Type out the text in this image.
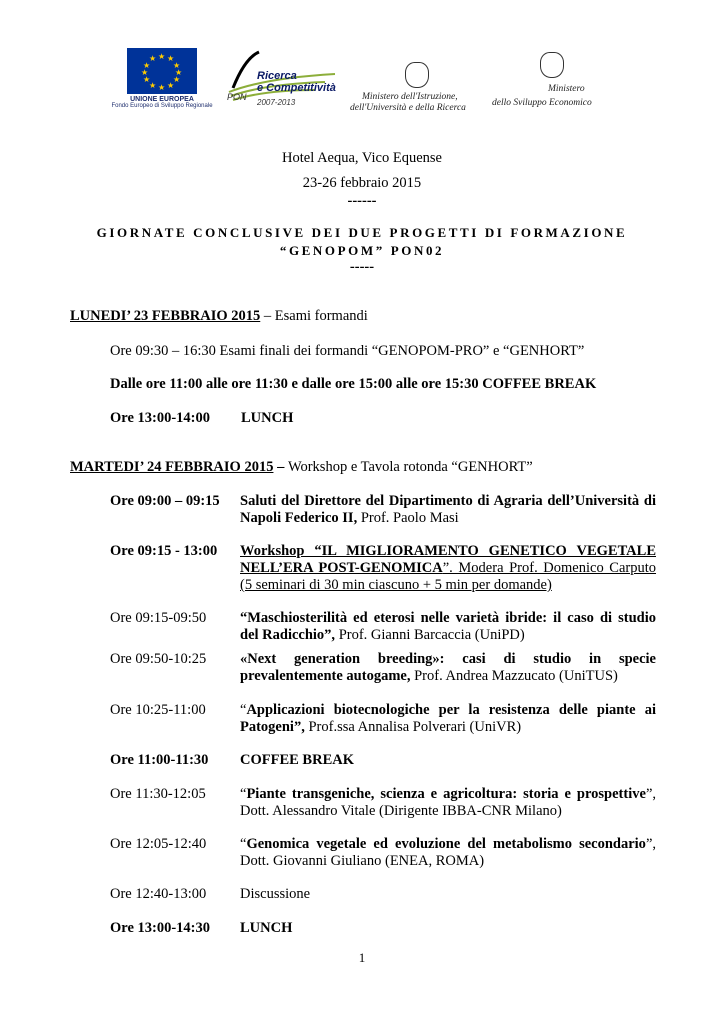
★ ★
★
★
★
★
★
★
★
★
★
★
UNIONE EUROPEA
Fondo Europeo di Sviluppo Regionale
Ricerca
e Competitività
PON
2007-2013
Ministero dell'Istruzione,
dell'Università e della Ricerca
Ministero
dello Sviluppo Economico
Hotel Aequa, Vico Equense
23-26 febbraio 2015
------
GIORNATE CONCLUSIVE DEI DUE PROGETTI DI FORMAZIONE
“GENOPOM” PON02
-----
LUNEDI’ 23 FEBBRAIO 2015 – Esami formandi
Ore 09:30 – 16:30 Esami finali dei formandi “GENOPOM-PRO” e “GENHORT”
Dalle ore 11:00 alle ore 11:30 e dalle ore 15:00 alle ore 15:30 COFFEE BREAK
Ore 13:00-14:00 LUNCH
MARTEDI’ 24 FEBBRAIO 2015 – Workshop e Tavola rotonda “GENHORT”
Ore 09:00 – 09:15 Saluti del Direttore del Dipartimento di Agraria dell’Università di Napoli Federico II, Prof. Paolo Masi
Ore 09:15 - 13:00 Workshop “IL MIGLIORAMENTO GENETICO VEGETALE NELL’ERA POST-GENOMICA”. Modera Prof. Domenico Carputo (5 seminari di 30 min ciascuno + 5 min per domande)
Ore 09:15-09:50 “Maschiosterilità ed eterosi nelle varietà ibride: il caso di studio del Radicchio”, Prof. Gianni Barcaccia (UniPD)
Ore 09:50-10:25 «Next generation breeding»: casi di studio in specie prevalentemente autogame, Prof. Andrea Mazzucato (UniTUS)
Ore 10:25-11:00 “Applicazioni biotecnologiche per la resistenza delle piante ai Patogeni”, Prof.ssa Annalisa Polverari (UniVR)
Ore 11:00-11:30 COFFEE BREAK
Ore 11:30-12:05 “Piante transgeniche, scienza e agricoltura: storia e prospettive”, Dott. Alessandro Vitale (Dirigente IBBA-CNR Milano)
Ore 12:05-12:40 “Genomica vegetale ed evoluzione del metabolismo secondario”, Dott. Giovanni Giuliano (ENEA, ROMA)
Ore 12:40-13:00 Discussione
Ore 13:00-14:30 LUNCH
1
